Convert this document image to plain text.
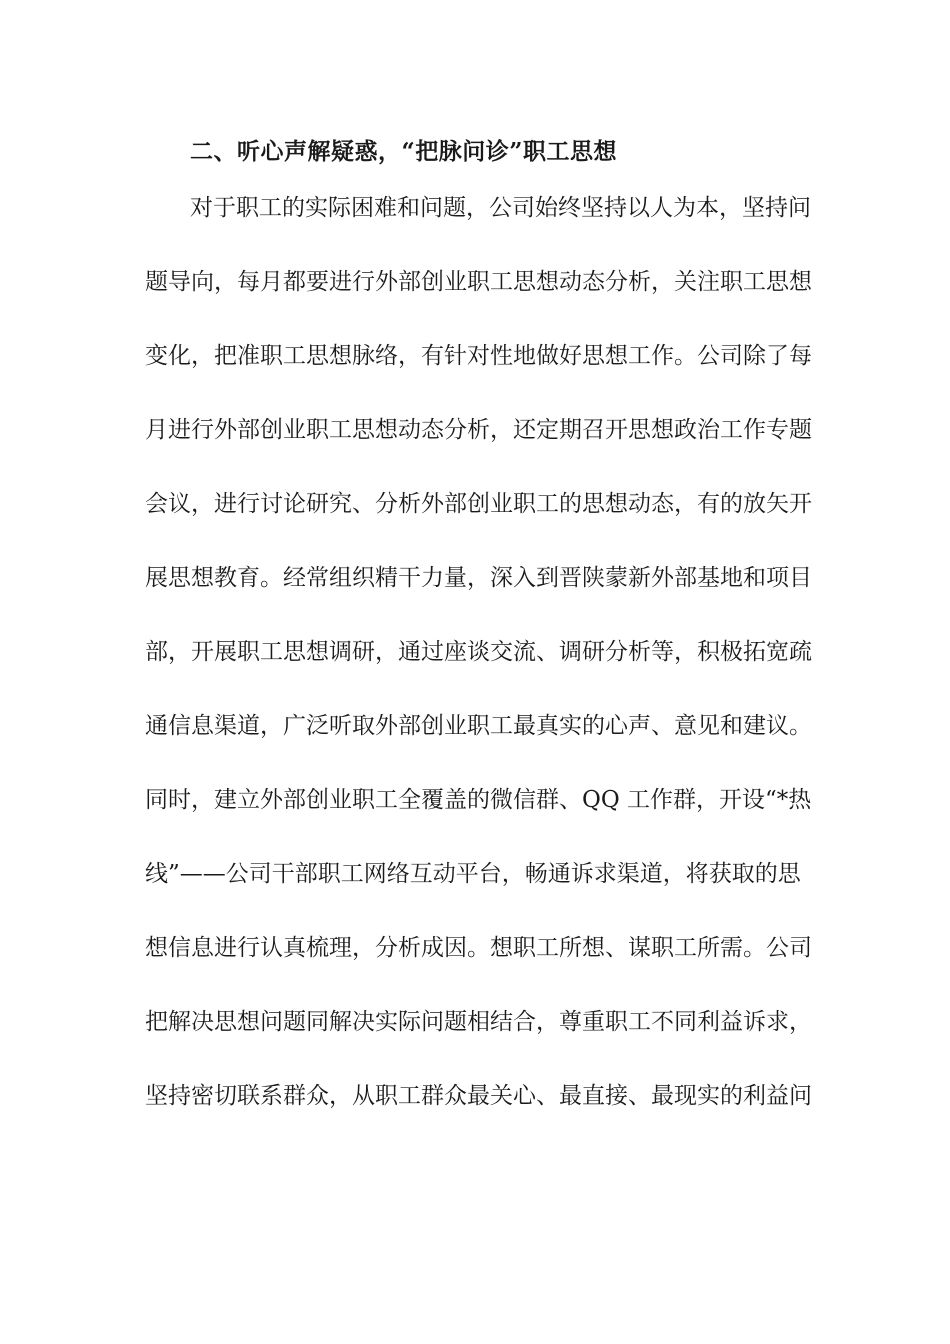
二、听心声解疑惑，“把脉问诊”职工思想
对于职工的实际困难和问题，公司始终坚持以人为本，坚持问
题导向，每月都要进行外部创业职工思想动态分析，关注职工思想
变化，把准职工思想脉络，有针对性地做好思想工作。公司除了每
月进行外部创业职工思想动态分析，还定期召开思想政治工作专题
会议，进行讨论研究、分析外部创业职工的思想动态，有的放矢开
展思想教育。经常组织精干力量，深入到晋陕蒙新外部基地和项目
部，开展职工思想调研，通过座谈交流、调研分析等，积极拓宽疏
通信息渠道，广泛听取外部创业职工最真实的心声、意见和建议。
同时，建立外部创业职工全覆盖的微信群、QQ 工作群，开设“*热
线”——公司干部职工网络互动平台，畅通诉求渠道，将获取的思
想信息进行认真梳理，分析成因。想职工所想、谋职工所需。公司
把解决思想问题同解决实际问题相结合，尊重职工不同利益诉求，
坚持密切联系群众，从职工群众最关心、最直接、最现实的利益问
